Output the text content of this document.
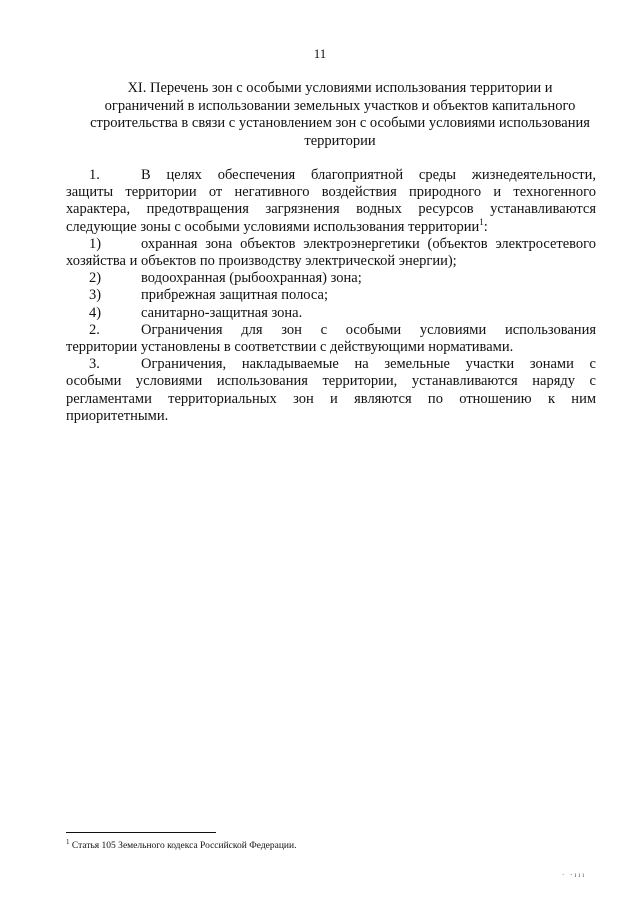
11
XI. Перечень зон с особыми условиями использования территории и
ограничений в использовании земельных участков и объектов капитального
строительства в связи с установлением зон с особыми условиями использования
территории
1.	В целях обеспечения благоприятной среды жизнедеятельности,
защиты территории от негативного воздействия природного и техногенного
характера, предотвращения загрязнения водных ресурсов устанавливаются
следующие зоны с особыми условиями использования территории$^1$:
1)	охранная зона объектов электроэнергетики (объектов электросетевого
хозяйства и объектов по производству электрической энергии);
2)	водоохранная (рыбоохранная) зона;
3)	прибрежная защитная полоса;
4)	санитарно-защитная зона.
2.	Ограничения для зон с особыми условиями использования
территории установлены в соответствии с действующими нормативами.
3.	Ограничения, накладываемые на земельные участки зонами с
особыми условиями использования территории, устанавливаются наряду с
регламентами территориальных зон и являются по отношению к ним
приоритетными.
$^1$ Статья 105 Земельного кодекса Российской Федерации.
· ·ııı
